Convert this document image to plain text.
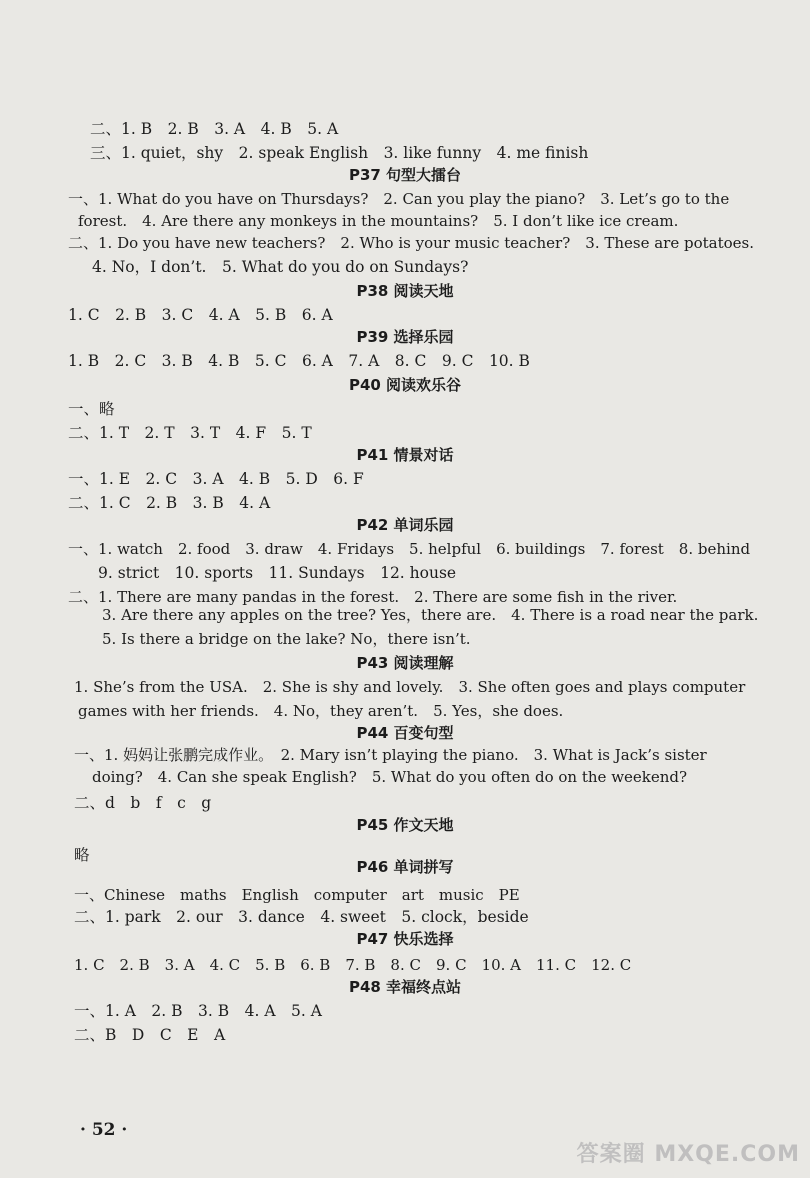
二、1. B　2. B　3. A　4. B　5. A
三、1. quiet，shy　2. speak English　3. like funny　4. me finish
P37 句型大擂台
一、1. What do you have on Thursdays?　2. Can you play the piano?　3. Let’s go to the
forest.　4. Are there any monkeys in the mountains?　5. I don’t like ice cream.
二、1. Do you have new teachers?　2. Who is your music teacher?　3. These are potatoes.
4. No，I don’t.　5. What do you do on Sundays?
P38 阅读天地
1. C　2. B　3. C　4. A　5. B　6. A
P39 选择乐园
1. B　2. C　3. B　4. B　5. C　6. A　7. A　8. C　9. C　10. B
P40 阅读欢乐谷
一、略
二、1. T　2. T　3. T　4. F　5. T
P41 情景对话
一、1. E　2. C　3. A　4. B　5. D　6. F
二、1. C　2. B　3. B　4. A
P42 单词乐园
一、1. watch　2. food　3. draw　4. Fridays　5. helpful　6. buildings　7. forest　8. behind
9. strict　10. sports　11. Sundays　12. house
二、1. There are many pandas in the forest.　2. There are some fish in the river.
3. Are there any apples on the tree? Yes，there are.　4. There is a road near the park.
5. Is there a bridge on the lake? No，there isn’t.
P43 阅读理解
1. She’s from the USA.　2. She is shy and lovely.　3. She often goes and plays computer
games with her friends.　4. No，they aren’t.　5. Yes，she does.
P44 百变句型
一、1. 妈妈让张鹏完成作业。　2. Mary isn’t playing the piano.　3. What is Jack’s sister
doing?　4. Can she speak English?　5. What do you often do on the weekend?
二、d　b　f　c　g
P45 作文天地
略
P46 单词拼写
一、Chinese　maths　English　computer　art　music　PE
二、1. park　2. our　3. dance　4. sweet　5. clock，beside
P47 快乐选择
1. C　2. B　3. A　4. C　5. B　6. B　7. B　8. C　9. C　10. A　11. C　12. C
P48 幸福终点站
一、1. A　2. B　3. B　4. A　5. A
二、B　D　C　E　A
· 52 ·
答案圈 MXQE.COM
